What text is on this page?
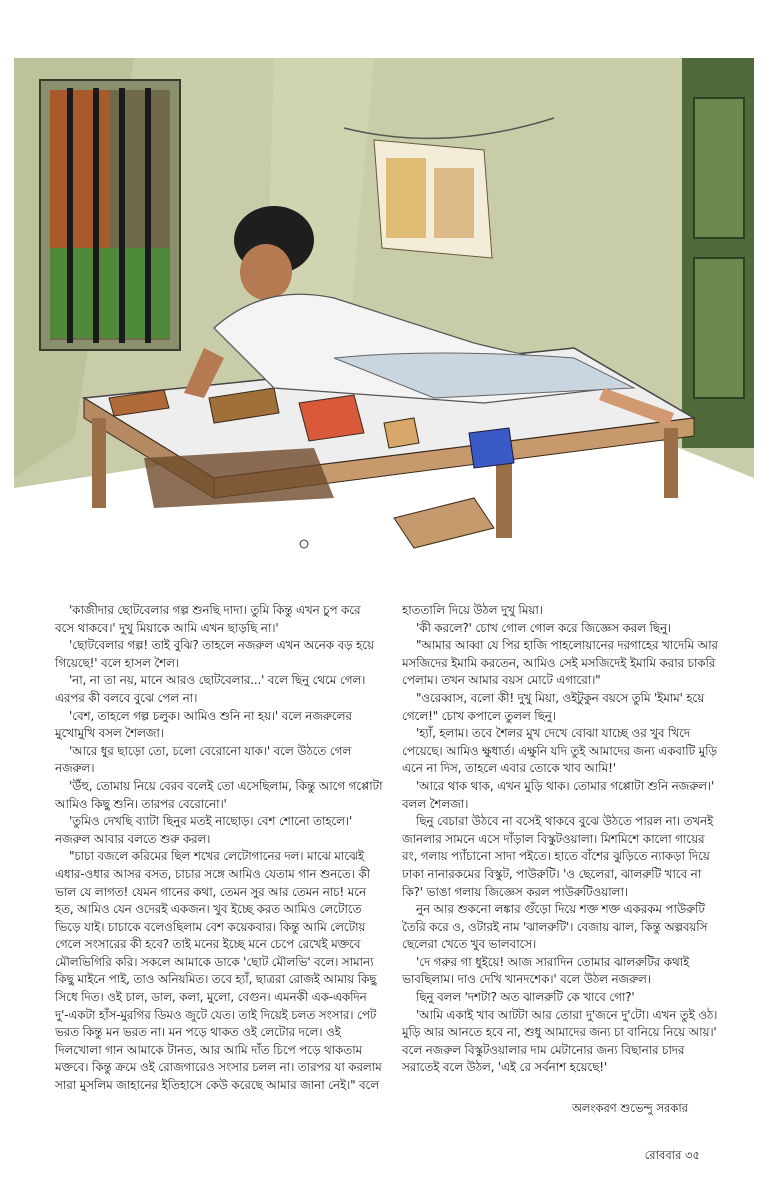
'কাজীদার ছোটবেলার গল্প শুনছি দাদা। তুমি কিন্তু এখন চুপ করে বসে থাকবে।' দুখু মিয়াকে আমি এখন ছাড়ছি না।'

'ছোটবেলার গল্প! তাই বুঝি? তাহলে নজরুল এখন অনেক বড় হয়ে গিয়েছে!' বলে হাসল শৈল।

'না, না তা নয়, মানে আরও ছোটবেলার...' বলে ছিনু থেমে গেল। এরপর কী বলবে বুঝে পেল না।

'বেশ, তাহলে গল্প চলুক। আমিও শুনি না হয়।' বলে নজরুলের মুখোমুখি বসল শৈলজা।

'আরে ধুর ছাড়ো তো, চলো বেরোনো যাক।' বলে উঠতে গেল নজরুল।

'উঁহু, তোমায় নিয়ে বেরব বলেই তো এসেছিলাম, কিন্তু আগে গপ্পোটা আমিও কিছু শুনি। তারপর বেরোনো।'

'তুমিও দেখছি ব্যাটা ছিনুর মতই নাছোড়। বেশ শোনো তাহলে।' নজরুল আবার বলতে শুরু করল।

"চাচা বজলে করিমের ছিল শখের লেটোগানের দল। মাঝে মাঝেই এধার-ওধার আসর বসত, চাচার সঙ্গে আমিও যেতাম গান শুনতে। কী ভাল যে লাগত! যেমন গানের কথা, তেমন সুর আর তেমন নাচ! মনে হত, আমিও যেন ওদেরই একজন। খুব ইচ্ছে করত আমিও লেটোতে ভিড়ে যাই। চাচাকে বলেওছিলাম বেশ কয়েকবার। কিন্তু আমি লেটোয় গেলে সংসারের কী হবে? তাই মনের ইচ্ছে মনে চেপে রেখেই মক্তবে মৌলভিগিরি করি। সকলে আমাকে ডাকে 'ছোট মৌলভি' বলে। সামান্য কিছু মাইনে পাই, তাও অনিয়মিত। তবে হ্যাঁ, ছাত্ররা রোজই আমায় কিছু সিধে দিত। ওই চাল, ডাল, কলা, মুলো, বেগুন। এমনকী এক-একদিন দু'-একটা হাঁস-মুরগির ডিমও জুটে যেত। তাই দিয়েই চলত সংসার। পেট ভরত কিন্তু মন ভরত না। মন পড়ে থাকত ওই লেটোর দলে। ওই দিলখোলা গান আমাকে টানত, আর আমি দাঁত চিপে পড়ে থাকতাম মক্তবে। কিন্তু ক্রমে ওই রোজগারেও সংসার চলল না। তারপর যা করলাম সারা মুসলিম জাহানের ইতিহাসে কেউ করেছে আমার জানা নেই।" বলে

হাততালি দিয়ে উঠল দুখু মিয়া।

'কী করলে?' চোখ গোল গোল করে জিজ্ঞেস করল ছিনু।

"আমার আব্বা যে পির হাজি পাহলোয়ানের দরগাহের খাদেমি আর মসজিদের ইমামি করতেন, আমিও সেই মসজিদেই ইমামি করার চাকরি পেলাম। তখন আমার বয়স মোটে এগারো।"

"ওরেব্বাস, বলো কী! দুখু মিয়া, ওইটুকুন বয়সে তুমি 'ইমাম' হয়ে গেলে!" চোখ কপালে তুলল ছিনু।

'হ্যাঁ, হলাম। তবে শৈলর মুখ দেখে বোঝা যাচ্ছে ওর খুব খিদে পেয়েছে। আমিও ক্ষুধার্ত। এক্ষুনি যদি তুই আমাদের জন্য একবাটি মুড়ি এনে না দিস, তাহলে এবার তোকে খাব আমি!'

'আরে থাক থাক, এখন মুড়ি থাক। তোমার গপ্পোটা শুনি নজরুল।' বলল শৈলজা।

ছিনু বেচারা উঠবে না বসেই থাকবে বুঝে উঠতে পারল না। তখনই জানলার সামনে এসে দাঁড়াল বিস্কুটওয়ালা। মিশমিশে কালো গায়ের রং, গলায় প্যাঁচানো সাদা পইতে। হাতে বাঁশের ঝুড়িতে ন্যাকড়া দিয়ে ঢাকা নানারকমের বিস্কুট, পাউরুটি। 'ও ছেলেরা, ঝালরুটি খাবে না কি?' ভাঙা গলায় জিজ্ঞেস করল পাউরুটিওয়ালা।

নুন আর শুকনো লঙ্কার গুঁড়ো দিয়ে শক্ত শক্ত একরকম পাউরুটি তৈরি করে ও, ওটারই নাম 'ঝালরুটি'। বেজায় ঝাল, কিন্তু অল্পবয়সি ছেলেরা খেতে খুব ভালবাসে।

'দে গরুর গা ধুইয়ে! আজ সারাদিন তোমার ঝালরুটির কথাই ভাবছিলাম। দাও দেখি খানদশেক।' বলে উঠল নজরুল।

ছিনু বলল 'দশটা? অত ঝালরুটি কে খাবে গো?'

'আমি একাই খাব আটটা আর তোরা দু'জনে দু'টো। এখন তুই ওঠ। মুড়ি আর আনতে হবে না, শুধু আমাদের জন্য চা বানিয়ে নিয়ে আয়।' বলে নজরুল বিস্কুটওয়ালার দাম মেটানোর জন্য বিছানার চাদর সরাতেই বলে উঠল, 'এই রে সর্বনাশ হয়েছে!'

অলংকরণ শুভেন্দু সরকার
রোববার ৩৫
